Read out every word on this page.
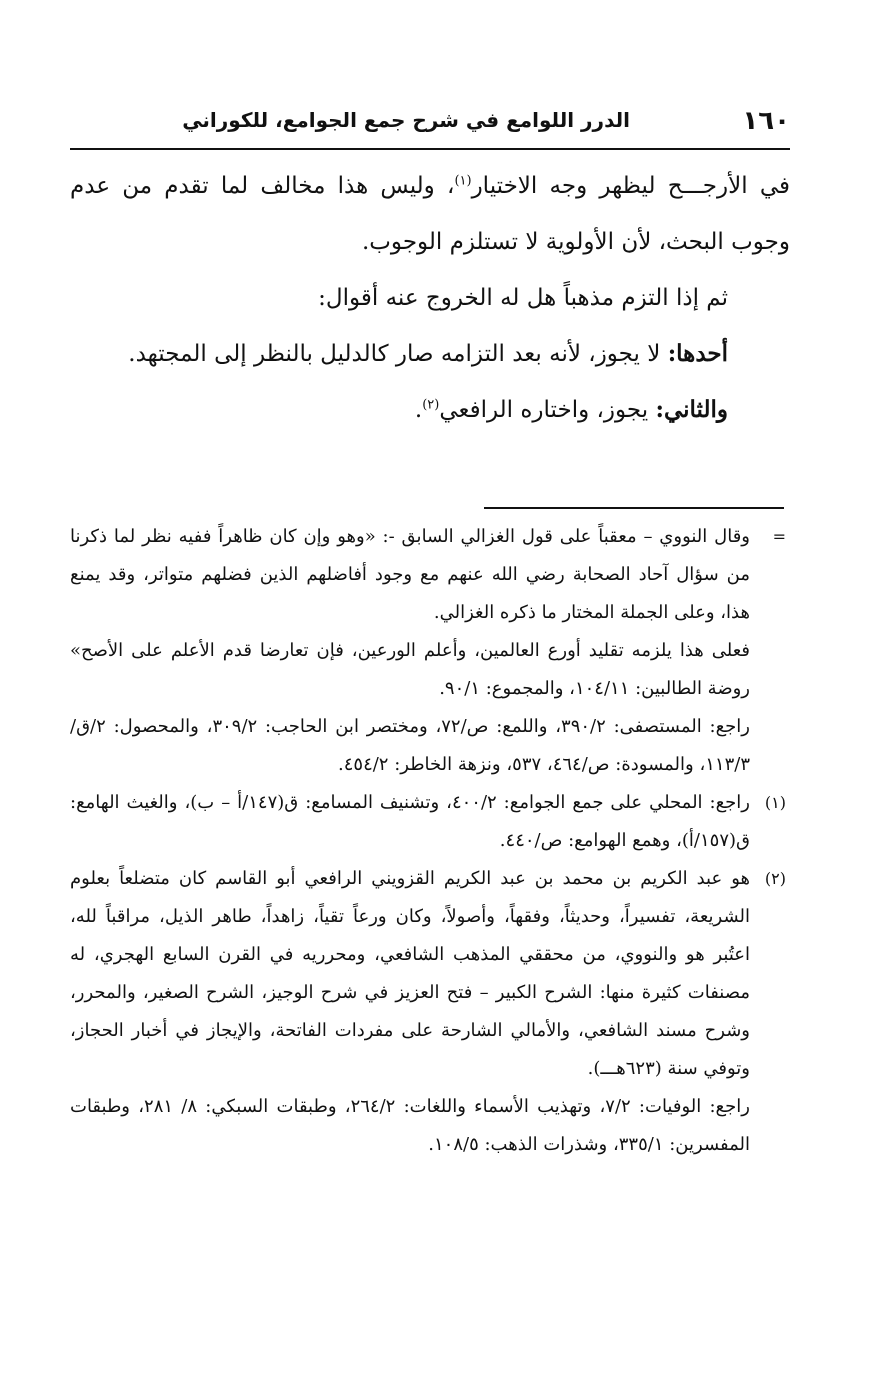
١٦٠
الدرر اللوامع في شرح جمع الجوامع، للكوراني

في الأرجـــح ليظهر وجه الاختيار$^{(١)}$، وليس هذا مخالف لما تقدم من عدم وجوب البحث، لأن الأولوية لا تستلزم الوجوب.

ثم إذا التزم مذهباً هل له الخروج عنه أقوال:

أحدها: لا يجوز، لأنه بعد التزامه صار كالدليل بالنظر إلى المجتهد.

والثاني: يجوز، واختاره الرافعي$^{(٢)}$.

=
وقال النووي – معقباً على قول الغزالي السابق -: «وهو وإن كان ظاهراً ففيه نظر لما ذكرنا من سؤال آحاد الصحابة رضي الله عنهم مع وجود أفاضلهم الذين فضلهم متواتر، وقد يمنع هذا، وعلى الجملة المختار ما ذكره الغزالي.

فعلى هذا يلزمه تقليد أورع العالمين، وأعلم الورعين، فإن تعارضا قدم الأعلم على الأصح» روضة الطالبين: ١٠٤/١١، والمجموع: ٩٠/١.

راجع: المستصفى: ٣٩٠/٢، واللمع: ص/٧٢، ومختصر ابن الحاجب: ٣٠٩/٢، والمحصول: ٢/ق/١١٣/٣، والمسودة: ص/٤٦٤، ٥٣٧، ونزهة الخاطر: ٤٥٤/٢.

(١)
راجع: المحلي على جمع الجوامع: ٤٠٠/٢، وتشنيف المسامع: ق(١٤٧/أ – ب)، والغيث الهامع: ق(١٥٧/أ)، وهمع الهوامع: ص/٤٤٠.

(٢)
هو عبد الكريم بن محمد بن عبد الكريم القزويني الرافعي أبو القاسم كان متضلعاً بعلوم الشريعة، تفسيراً، وحديثاً، وفقهاً، وأصولاً، وكان ورعاً تقياً، زاهداً، طاهر الذيل، مراقباً لله، اعتُبر هو والنووي، من محققي المذهب الشافعي، ومحرريه في القرن السابع الهجري، له مصنفات كثيرة منها: الشرح الكبير – فتح العزيز في شرح الوجيز، الشرح الصغير، والمحرر، وشرح مسند الشافعي، والأمالي الشارحة على مفردات الفاتحة، والإيجاز في أخبار الحجاز، وتوفي سنة (٦٢٣هـــ).

راجع: الوفيات: ٧/٢، وتهذيب الأسماء واللغات: ٢٦٤/٢، وطبقات السبكي: ٨/ ٢٨١، وطبقات المفسرين: ٣٣٥/١، وشذرات الذهب: ١٠٨/٥.
